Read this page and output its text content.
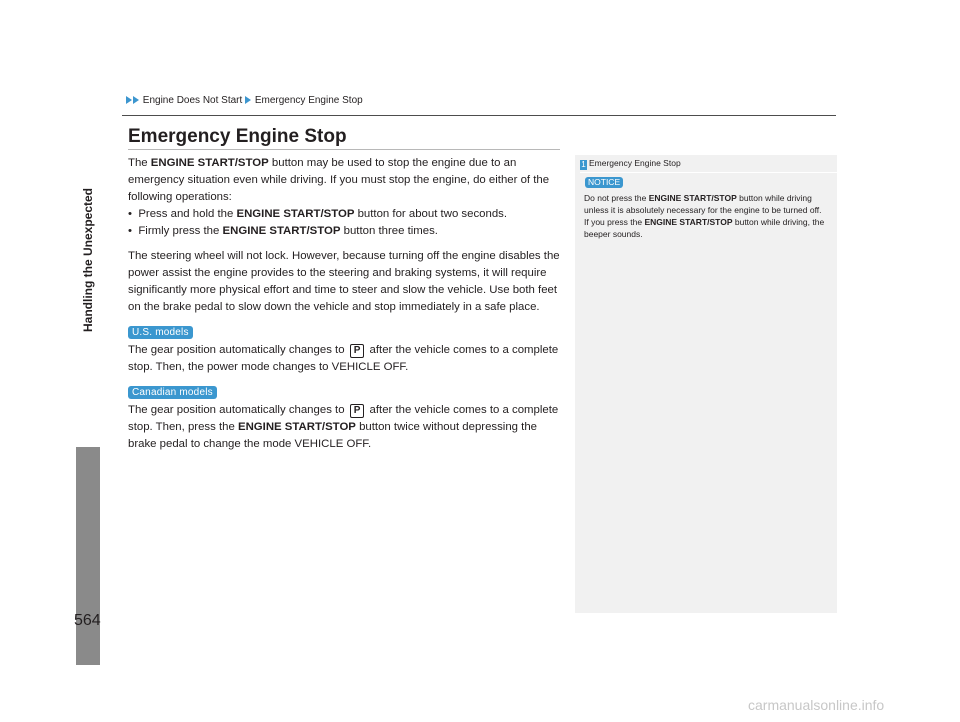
Engine Does Not Start Emergency Engine Stop
Handling the Unexpected
Emergency Engine Stop

The ENGINE START/STOP button may be used to stop the engine due to an emergency situation even while driving. If you must stop the engine, do either of the following operations:

•  Press and hold the ENGINE START/STOP button for about two seconds.

•  Firmly press the ENGINE START/STOP button three times.

The steering wheel will not lock. However, because turning off the engine disables the power assist the engine provides to the steering and braking systems, it will require significantly more physical effort and time to steer and slow the vehicle. Use both feet on the brake pedal to slow down the vehicle and stop immediately in a safe place.

U.S. models

The gear position automatically changes to P after the vehicle comes to a complete stop. Then, the power mode changes to VEHICLE OFF.

Canadian models

The gear position automatically changes to P after the vehicle comes to a complete stop. Then, press the ENGINE START/STOP button twice without depressing the brake pedal to change the mode VEHICLE OFF.

1 Emergency Engine Stop
NOTICE

Do not press the ENGINE START/STOP button while driving unless it is absolutely necessary for the engine to be turned off.

If you press the ENGINE START/STOP button while driving, the beeper sounds.

564
carmanualsonline.info
